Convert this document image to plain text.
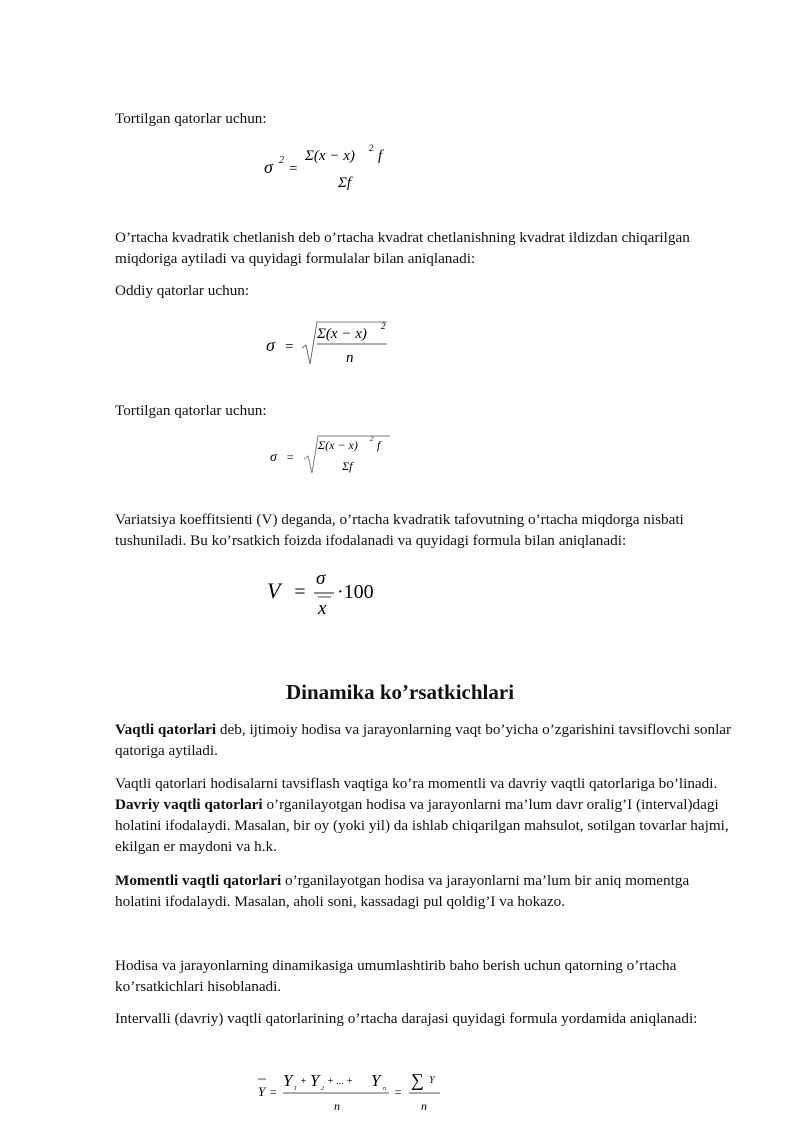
Tortilgan qatorlar uchun:

σ 2
=
Σ(x − x) 2 f
Σf

O’rtacha kvadratik chetlanish deb o’rtacha kvadrat chetlanishning kvadrat ildizdan chiqarilgan miqdoriga aytiladi va quyidagi formulalar bilan aniqlanadi:

Oddiy qatorlar uchun:

σ =
Σ(x − x) 2
n

Tortilgan qatorlar uchun:

σ =
Σ(x − x) 2 f
Σf

Variatsiya koeffitsienti (V) deganda, o’rtacha kvadratik tafovutning o’rtacha miqdorga nisbati tushuniladi. Bu ko’rsatkich foizda ifodalanadi va quyidagi formula bilan aniqlanadi:

V =
σ
x
·100
Dinamika ko’rsatkichlari

Vaqtli qatorlari deb, ijtimoiy hodisa va jarayonlarning vaqt bo’yicha o’zgarishini tavsiflovchi sonlar qatoriga aytiladi.

Vaqtli qatorlari hodisalarni tavsiflash vaqtiga ko’ra momentli va davriy vaqtli qatorlariga bo’linadi. Davriy vaqtli qatorlari o’rganilayotgan hodisa va jarayonlarni ma’lum davr oralig’I (interval)dagi holatini ifodalaydi. Masalan, bir oy (yoki yil) da ishlab chiqarilgan mahsulot, sotilgan tovarlar hajmi, ekilgan er maydoni va h.k.

Momentli vaqtli qatorlari o’rganilayotgan hodisa va jarayonlarni ma’lum bir aniq momentga holatini ifodalaydi. Masalan, aholi soni, kassadagi pul qoldig’I va hokazo.

Hodisa va jarayonlarning dinamikasiga umumlashtirib baho berish uchun qatorning o’rtacha ko’rsatkichlari hisoblanadi.

Intervalli (davriy) vaqtli qatorlarining o’rtacha darajasi quyidagi formula yordamida aniqlanadi:

Y =
Y 1
+ Y 2
+ ... + Y n
n
=
∑ Y
n
